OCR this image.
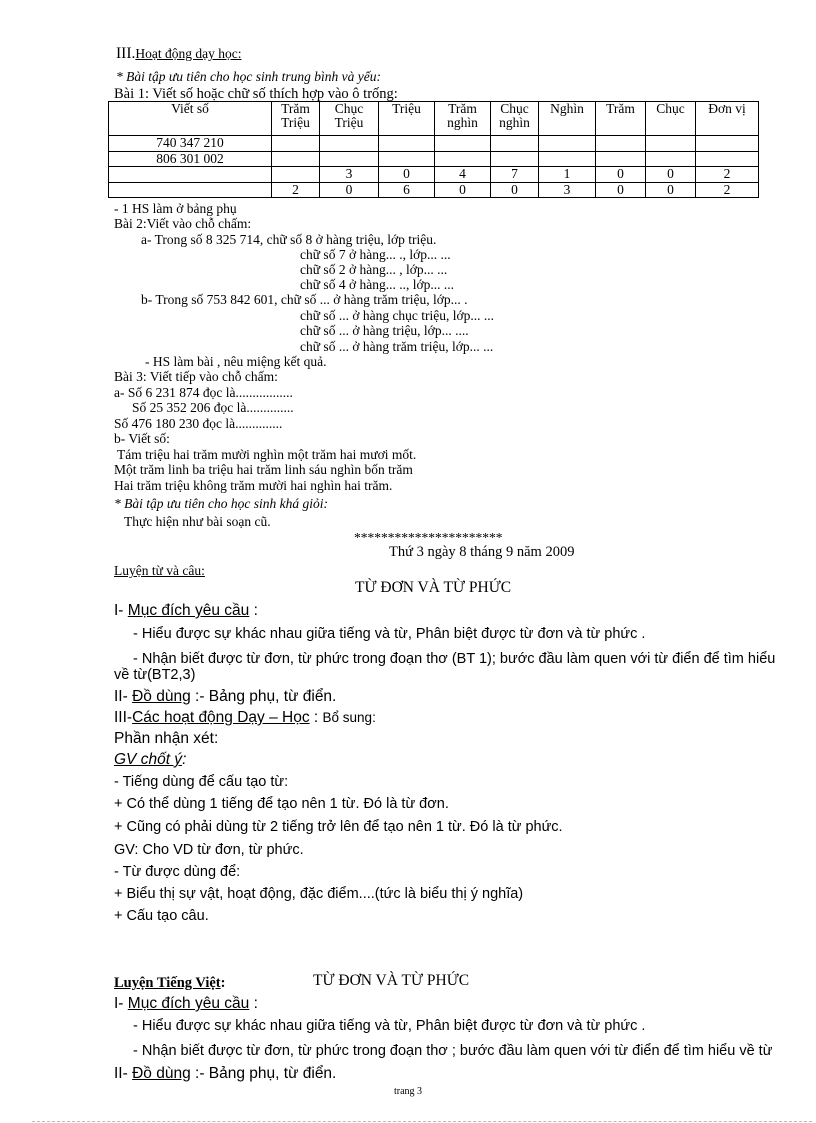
III.Hoạt động dạy học:
* Bài tập ưu tiên cho học sinh trung bình và yếu:
Bài 1: Viết số hoặc chữ số thích hợp vào ô trống:
Viết số	Trăm Triệu	Chục Triệu	Triệu	Trăm nghìn	Chục nghìn	Nghìn	Trăm	Chục	Đơn vị
740 347 210									
806 301 002									
		3	0	4	7	1	0	0	2
	2	0	6	0	0	3	0	0	2
- 1 HS làm ở bảng phụ
Bài 2:Viết vào chỗ chấm:
a- Trong số 8 325 714, chữ số 8 ở hàng triệu, lớp triệu.
chữ số 7 ở hàng... ., lớp... ...
chữ số 2 ở hàng... , lớp... ...
chữ số 4 ở hàng... .., lớp... ...
b- Trong số 753 842 601, chữ số ... ở hàng trăm triệu, lớp... .
chữ số ... ở hàng chục triệu, lớp... ...
chữ số ... ở hàng triệu, lớp... ....
chữ số ... ở hàng trăm triệu, lớp... ...
- HS làm bài , nêu miệng kết quả.
Bài 3: Viết tiếp vào chỗ chấm:
a- Số 6 231 874 đọc là.................
Số 25 352 206 đọc là..............
Số 476 180 230 đọc là..............
b- Viết số:
Tám triệu hai trăm mười nghìn một trăm hai mươi mốt.
Một trăm linh ba triệu hai trăm linh sáu nghìn bốn trăm
Hai trăm triệu không trăm mười hai nghìn hai trăm.
* Bài tập ưu tiên cho học sinh khá giỏi:
Thực hiện như bài soạn cũ.
**********************
Thứ 3 ngày 8 tháng 9 năm 2009
Luyện từ và câu:
TỪ ĐƠN VÀ TỪ PHỨC
I- Mục đích yêu cầu :
- Hiểu được sự khác nhau giữa tiếng và từ, Phân biệt được từ đơn và từ phức .
- Nhận biết được từ đơn, từ phức trong đoạn thơ (BT 1); bước đầu làm quen với từ điển để tìm hiểu
về từ(BT2,3)
II- Đồ dùng :- Bảng phụ, từ điển.
III-Các hoạt động Dạy – Học : Bổ sung:
Phần nhận xét:
GV chốt ý:
- Tiếng dùng để cấu tạo từ:
+ Có thể dùng 1 tiếng để tạo nên 1 từ. Đó là từ đơn.
+ Cũng có phải dùng từ 2 tiếng trở lên để tạo nên 1 từ. Đó là từ phức.
GV: Cho VD từ đơn, từ phức.
- Từ được dùng để:
+ Biểu thị sự vật, hoạt động, đặc điểm....(tức là biểu thị ý nghĩa)
+ Cấu tạo câu.
Luyện Tiếng Việt:	TỪ ĐƠN VÀ TỪ PHỨC
I- Mục đích yêu cầu :
- Hiểu được sự khác nhau giữa tiếng và từ, Phân biệt được từ đơn và từ phức .
- Nhận biết được từ đơn, từ phức trong đoạn thơ ; bước đầu làm quen với từ điển để tìm hiểu về từ
II- Đồ dùng :- Bảng phụ, từ điển.
trang 3
